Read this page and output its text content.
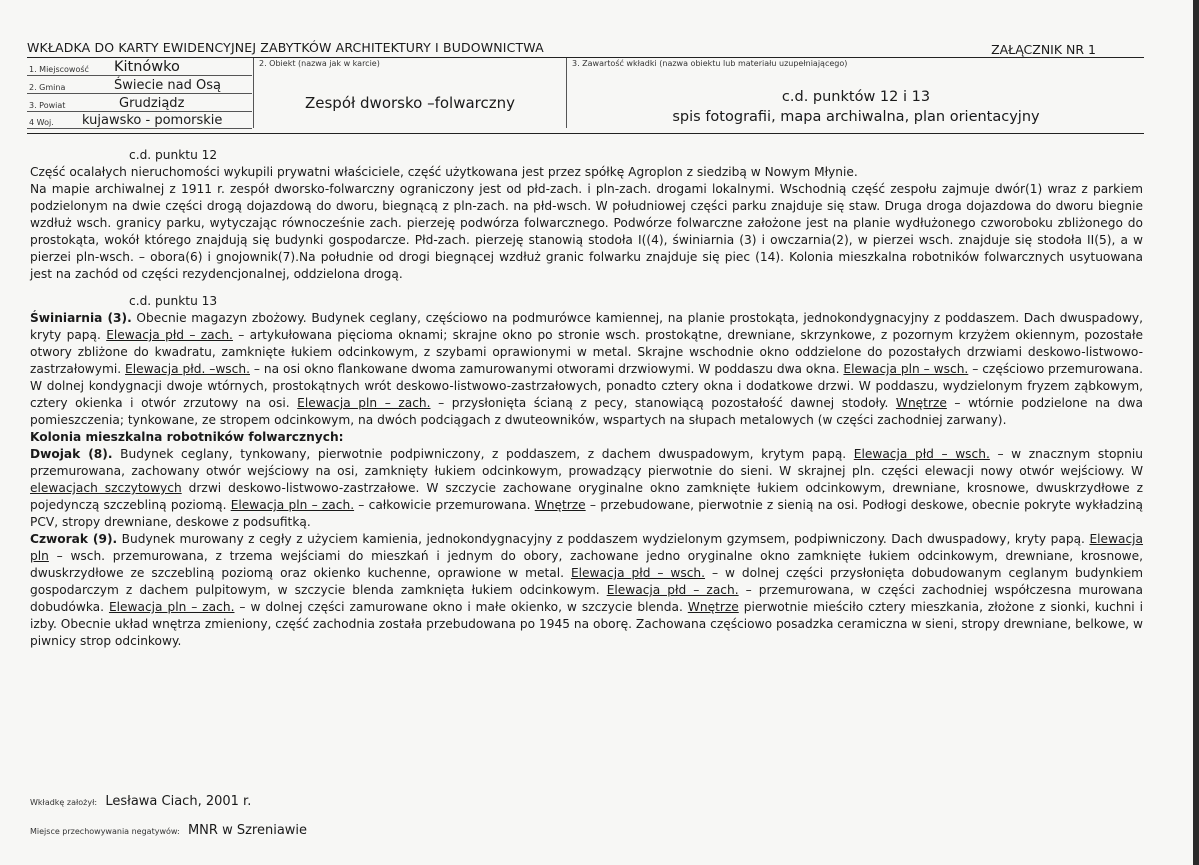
WKŁADKA DO KARTY EWIDENCYJNEJ ZABYTKÓW ARCHITEKTURY I BUDOWNICTWA	ZAŁĄCZNIK NR 1
1. Miejscowość Kitnówko
2. Gmina	Świecie nad Osą
3. Powiat	Grudziądz
4 Woj. kujawsko - pomorskie
2. Obiekt (nazwa jak w karcie)
Zespół dworsko –folwarczny
3. Zawartość wkładki (nazwa obiektu lub materiału uzupełniającego)
c.d. punktów 12 i 13
spis fotografii, mapa archiwalna, plan orientacyjny

c.d. punktu 12

Część ocalałych nieruchomości wykupili prywatni właściciele, część użytkowana jest przez spółkę Agroplon z siedzibą w Nowym Młynie.

Na mapie archiwalnej z 1911 r. zespół dworsko-folwarczny ograniczony jest od płd-zach. i pln-zach. drogami lokalnymi. Wschodnią część zespołu zajmuje dwór(1) wraz z parkiem podzielonym na dwie części drogą dojazdową do dworu, biegnącą z pln-zach. na płd-wsch. W południowej części parku znajduje się staw. Druga droga dojazdowa do dworu biegnie wzdłuż wsch. granicy parku, wytyczając równocześnie zach. pierzeję podwórza folwarcznego. Podwórze folwarczne założone jest na planie wydłużonego czworoboku zbliżonego do prostokąta, wokół którego znajdują się budynki gospodarcze. Płd-zach. pierzeję stanowią stodoła I((4), świniarnia (3) i owczarnia(2), w pierzei wsch. znajduje się stodoła II(5), a w pierzei pln-wsch. – obora(6) i gnojownik(7).Na południe od drogi biegnącej wzdłuż granic folwarku znajduje się piec (14). Kolonia mieszkalna robotników folwarcznych usytuowana jest na zachód od części rezydencjonalnej, oddzielona drogą.

c.d. punktu 13

Świniarnia (3). Obecnie magazyn zbożowy. Budynek ceglany, częściowo na podmurówce kamiennej, na planie prostokąta, jednokondygnacyjny z poddaszem. Dach dwuspadowy, kryty papą. Elewacja płd – zach. – artykułowana pięcioma oknami; skrajne okno po stronie wsch. prostokątne, drewniane, skrzynkowe, z pozornym krzyżem okiennym, pozostałe otwory zbliżone do kwadratu, zamknięte łukiem odcinkowym, z szybami oprawionymi w metal. Skrajne wschodnie okno oddzielone do pozostałych drzwiami deskowo-listwowo-zastrzałowymi. Elewacja płd. –wsch. – na osi okno flankowane dwoma zamurowanymi otworami drzwiowymi. W poddaszu dwa okna. Elewacja pln – wsch. – częściowo przemurowana. W dolnej kondygnacji dwoje wtórnych, prostokątnych wrót deskowo-listwowo-zastrzałowych, ponadto cztery okna i dodatkowe drzwi. W poddaszu, wydzielonym fryzem ząbkowym, cztery okienka i otwór zrzutowy na osi. Elewacja pln – zach. – przysłonięta ścianą z pecy, stanowiącą pozostałość dawnej stodoły. Wnętrze – wtórnie podzielone na dwa pomieszczenia; tynkowane, ze stropem odcinkowym, na dwóch podciągach z dwuteowników, wspartych na słupach metalowych (w części zachodniej zarwany).

Kolonia mieszkalna robotników folwarcznych:

Dwojak (8). Budynek ceglany, tynkowany, pierwotnie podpiwniczony, z poddaszem, z dachem dwuspadowym, krytym papą. Elewacja płd – wsch. – w znacznym stopniu przemurowana, zachowany otwór wejściowy na osi, zamknięty łukiem odcinkowym, prowadzący pierwotnie do sieni. W skrajnej pln. części elewacji nowy otwór wejściowy. W elewacjach szczytowych drzwi deskowo-listwowo-zastrzałowe. W szczycie zachowane oryginalne okno zamknięte łukiem odcinkowym, drewniane, krosnowe, dwuskrzydłowe z pojedynczą szczebliną poziomą. Elewacja pln – zach. – całkowicie przemurowana. Wnętrze – przebudowane, pierwotnie z sienią na osi. Podłogi deskowe, obecnie pokryte wykładziną PCV, stropy drewniane, deskowe z podsufitką.

Czworak (9). Budynek murowany z cegły z użyciem kamienia, jednokondygnacyjny z poddaszem wydzielonym gzymsem, podpiwniczony. Dach dwuspadowy, kryty papą. Elewacja pln – wsch. przemurowana, z trzema wejściami do mieszkań i jednym do obory, zachowane jedno oryginalne okno zamknięte łukiem odcinkowym, drewniane, krosnowe, dwuskrzydłowe ze szczebliną poziomą oraz okienko kuchenne, oprawione w metal. Elewacja płd – wsch. – w dolnej części przysłonięta dobudowanym ceglanym budynkiem gospodarczym z dachem pulpitowym, w szczycie blenda zamknięta łukiem odcinkowym. Elewacja płd – zach. – przemurowana, w części zachodniej współczesna murowana dobudówka. Elewacja pln – zach. – w dolnej części zamurowane okno i małe okienko, w szczycie blenda. Wnętrze pierwotnie mieściło cztery mieszkania, złożone z sionki, kuchni i izby. Obecnie układ wnętrza zmieniony, część zachodnia została przebudowana po 1945 na oborę. Zachowana częściowo posadzka ceramiczna w sieni, stropy drewniane, belkowe, w piwnicy strop odcinkowy.

Wkładkę założył: Lesława Ciach, 2001 r.
Miejsce przechowywania negatywów: MNR w Szreniawie
